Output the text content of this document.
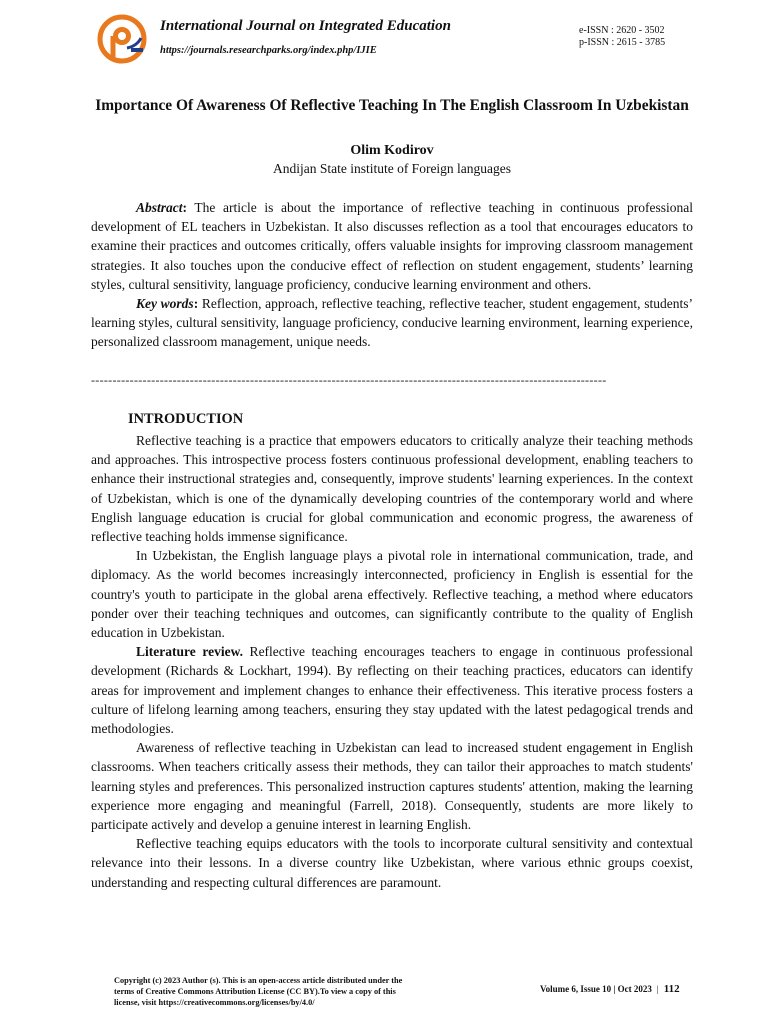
International Journal on Integrated Education
https://journals.researchparks.org/index.php/IJIE
e-ISSN : 2620 - 3502
p-ISSN : 2615 - 3785
Importance Of Awareness Of Reflective Teaching In The English Classroom In Uzbekistan
Olim Kodirov
Andijan State institute of Foreign languages

Abstract: The article is about the importance of reflective teaching in continuous professional development of EL teachers in Uzbekistan. It also discusses reflection as a tool that encourages educators to examine their practices and outcomes critically, offers valuable insights for improving classroom management strategies. It also touches upon the conducive effect of reflection on student engagement, students’ learning styles, cultural sensitivity, language proficiency, conducive learning environment and others.

Key words: Reflection, approach, reflective teaching, reflective teacher, student engagement, students’ learning styles, cultural sensitivity, language proficiency, conducive learning environment, learning experience, personalized classroom management, unique needs.

------------------------------------------------------------------------------------------------------------------------
INTRODUCTION

Reflective teaching is a practice that empowers educators to critically analyze their teaching methods and approaches. This introspective process fosters continuous professional development, enabling teachers to enhance their instructional strategies and, consequently, improve students' learning experiences. In the context of Uzbekistan, which is one of the dynamically developing countries of the contemporary world and where English language education is crucial for global communication and economic progress, the awareness of reflective teaching holds immense significance.

In Uzbekistan, the English language plays a pivotal role in international communication, trade, and diplomacy. As the world becomes increasingly interconnected, proficiency in English is essential for the country's youth to participate in the global arena effectively. Reflective teaching, a method where educators ponder over their teaching techniques and outcomes, can significantly contribute to the quality of English education in Uzbekistan.

Literature review. Reflective teaching encourages teachers to engage in continuous professional development (Richards & Lockhart, 1994). By reflecting on their teaching practices, educators can identify areas for improvement and implement changes to enhance their effectiveness. This iterative process fosters a culture of lifelong learning among teachers, ensuring they stay updated with the latest pedagogical trends and methodologies.

Awareness of reflective teaching in Uzbekistan can lead to increased student engagement in English classrooms. When teachers critically assess their methods, they can tailor their approaches to match students' learning styles and preferences. This personalized instruction captures students' attention, making the learning experience more engaging and meaningful (Farrell, 2018). Consequently, students are more likely to participate actively and develop a genuine interest in learning English.

Reflective teaching equips educators with the tools to incorporate cultural sensitivity and contextual relevance into their lessons. In a diverse country like Uzbekistan, where various ethnic groups coexist, understanding and respecting cultural differences are paramount.

Copyright (c) 2023 Author (s). This is an open-access article distributed under the
terms of Creative Commons Attribution License (CC BY).To view a copy of this
license, visit https://creativecommons.org/licenses/by/4.0/
Volume 6, Issue 10 | Oct 2023 | 112
